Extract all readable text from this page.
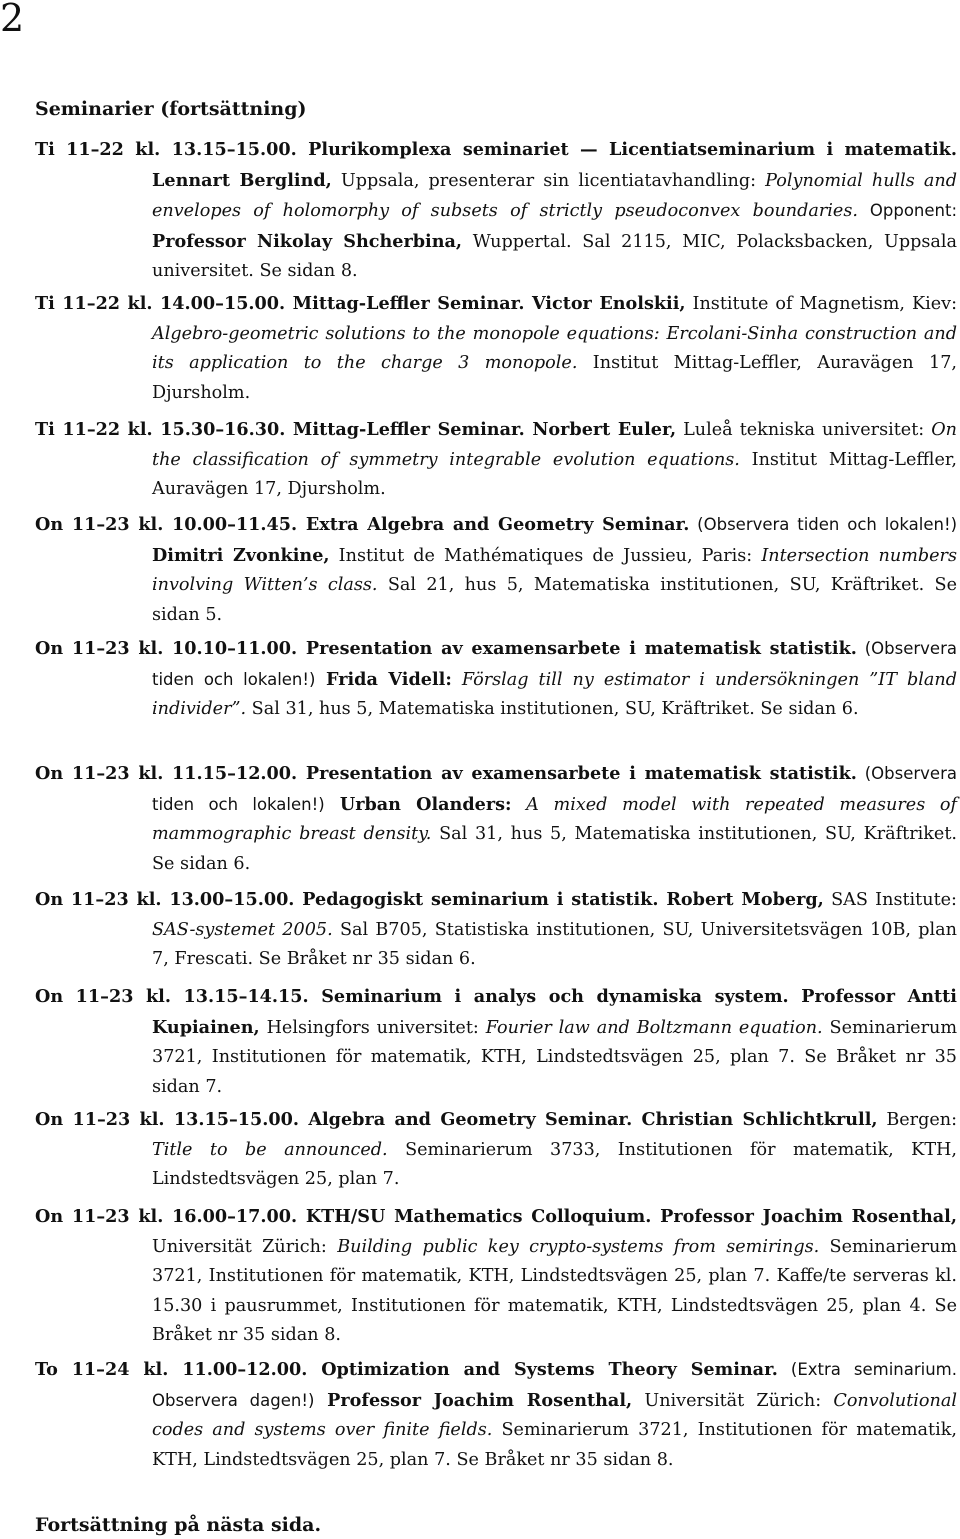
2
Seminarier (fortsättning)
Ti 11–22 kl. 13.15–15.00. Plurikomplexa seminariet — Licentiatseminarium i matematik. Lennart Berglind, Uppsala, presenterar sin licentiatavhandling: Polynomial hulls and envelopes of holomorphy of subsets of strictly pseudoconvex boundaries. Opponent: Professor Nikolay Shcherbina, Wuppertal. Sal 2115, MIC, Polacksbacken, Uppsala universitet. Se sidan 8.
Ti 11–22 kl. 14.00–15.00. Mittag-Leffler Seminar. Victor Enolskii, Institute of Magnetism, Kiev: Algebro-geometric solutions to the monopole equations: Ercolani-Sinha construction and its application to the charge 3 monopole. Institut Mittag-Leffler, Auravägen 17, Djursholm.
Ti 11–22 kl. 15.30–16.30. Mittag-Leffler Seminar. Norbert Euler, Luleå tekniska universitet: On the classification of symmetry integrable evolution equations. Institut Mittag-Leffler, Auravägen 17, Djursholm.
On 11–23 kl. 10.00–11.45. Extra Algebra and Geometry Seminar. (Observera tiden och lokalen!) Dimitri Zvonkine, Institut de Mathématiques de Jussieu, Paris: Intersection numbers involving Witten’s class. Sal 21, hus 5, Matematiska institutionen, SU, Kräftriket. Se sidan 5.
On 11–23 kl. 10.10–11.00. Presentation av examensarbete i matematisk statistik. (Observera tiden och lokalen!) Frida Videll: Förslag till ny estimator i undersökningen ”IT bland individer”. Sal 31, hus 5, Matematiska institutionen, SU, Kräftriket. Se sidan 6.
On 11–23 kl. 11.15–12.00. Presentation av examensarbete i matematisk statistik. (Observera tiden och lokalen!) Urban Olanders: A mixed model with repeated measures of mammographic breast density. Sal 31, hus 5, Matematiska institutionen, SU, Kräftriket. Se sidan 6.
On 11–23 kl. 13.00–15.00. Pedagogiskt seminarium i statistik. Robert Moberg, SAS Institute: SAS-systemet 2005. Sal B705, Statistiska institutionen, SU, Universitetsvägen 10B, plan 7, Frescati. Se Bråket nr 35 sidan 6.
On 11–23 kl. 13.15–14.15. Seminarium i analys och dynamiska system. Professor Antti Kupiainen, Helsingfors universitet: Fourier law and Boltzmann equation. Seminarierum 3721, Institutionen för matematik, KTH, Lindstedtsvägen 25, plan 7. Se Bråket nr 35 sidan 7.
On 11–23 kl. 13.15–15.00. Algebra and Geometry Seminar. Christian Schlichtkrull, Bergen: Title to be announced. Seminarierum 3733, Institutionen för matematik, KTH, Lindstedtsvägen 25, plan 7.
On 11–23 kl. 16.00–17.00. KTH/SU Mathematics Colloquium. Professor Joachim Rosenthal, Universität Zürich: Building public key crypto-systems from semirings. Seminarierum 3721, Institutionen för matematik, KTH, Lindstedtsvägen 25, plan 7. Kaffe/te serveras kl. 15.30 i pausrummet, Institutionen för matematik, KTH, Lindstedtsvägen 25, plan 4. Se Bråket nr 35 sidan 8.
To 11–24 kl. 11.00–12.00. Optimization and Systems Theory Seminar. (Extra seminarium. Observera dagen!) Professor Joachim Rosenthal, Universität Zürich: Convolutional codes and systems over finite fields. Seminarierum 3721, Institutionen för matematik, KTH, Lindstedtsvägen 25, plan 7. Se Bråket nr 35 sidan 8.
Fortsättning på nästa sida.
